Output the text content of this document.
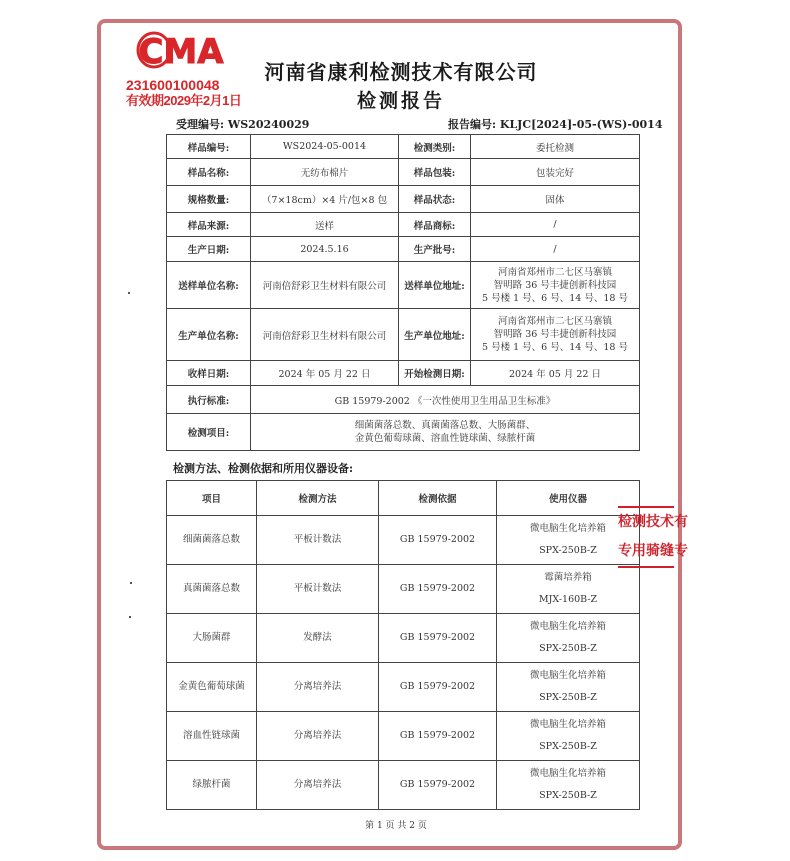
CMA
231600100048
有效期2029年2月1日
河南省康利检测技术有限公司
检测报告
受理编号: WS20240029	报告编号: KLJC[2024]-05-(WS)-0014
样品编号:	WS2024-05-0014	检测类别:	委托检测
样品名称:	无纺布棉片	样品包装:	包装完好
规格数量:	（7×18cm）×4 片/包×8 包	样品状态:	固体
样品来源:	送样	样品商标:	/
生产日期:	2024.5.16	生产批号:	/
送样单位名称:	河南倍舒彩卫生材料有限公司	送样单位地址:	河南省郑州市二七区马寨镇
智明路 36 号丰捷创新科技园
5 号楼 1 号、6 号、14 号、18 号

生产单位名称:	河南倍舒彩卫生材料有限公司	生产单位地址:	河南省郑州市二七区马寨镇
智明路 36 号丰捷创新科技园
5 号楼 1 号、6 号、14 号、18 号

收样日期:	2024 年 05 月 22 日	开始检测日期:	2024 年 05 月 22 日
执行标准:	GB 15979-2002 《一次性使用卫生用品卫生标准》		
检测项目:	细菌菌落总数、真菌菌落总数、大肠菌群、
金黄色葡萄球菌、溶血性链球菌、绿脓杆菌		
检测方法、检测依据和所用仪器设备:
项目	检测方法	检测依据	使用仪器
细菌菌落总数	平板计数法	GB 15979-2002	微电脑生化培养箱
SPX-250B-Z

真菌菌落总数	平板计数法	GB 15979-2002	霉菌培养箱
MJX-160B-Z

大肠菌群	发酵法	GB 15979-2002	微电脑生化培养箱
SPX-250B-Z

金黄色葡萄球菌	分离培养法	GB 15979-2002	微电脑生化培养箱
SPX-250B-Z

溶血性链球菌	分离培养法	GB 15979-2002	微电脑生化培养箱
SPX-250B-Z

绿脓杆菌	分离培养法	GB 15979-2002	微电脑生化培养箱
SPX-250B-Z
检测技术有
专用骑缝专
第 1 页 共 2 页
